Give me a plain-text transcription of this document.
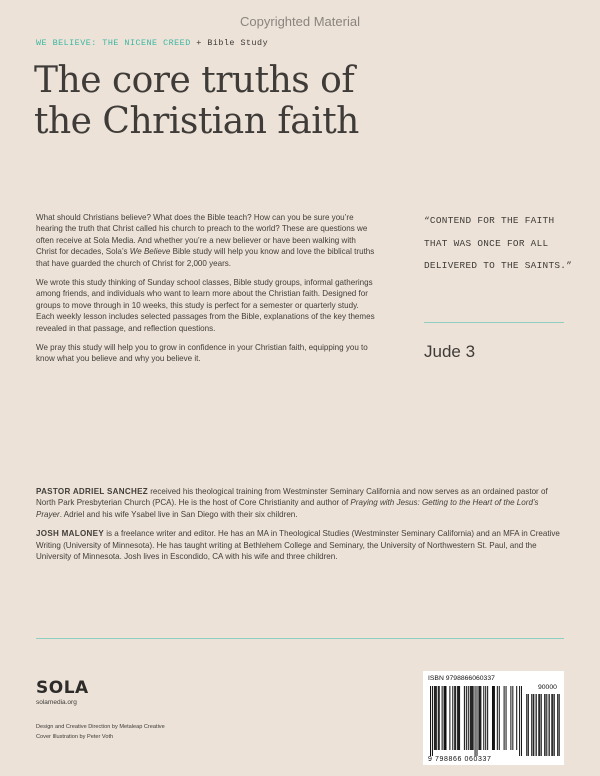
Copyrighted Material
WE BELIEVE: THE NICENE CREED + Bible Study
The core truths of the Christian faith

What should Christians believe? What does the Bible teach? How can you be sure you’re hearing the truth that Christ called his church to preach to the world? These are questions we often receive at Sola Media. And whether you’re a new believer or have been walking with Christ for decades, Sola’s We Believe Bible study will help you know and love the biblical truths that have guarded the church of Christ for 2,000 years.

We wrote this study thinking of Sunday school classes, Bible study groups, informal gatherings among friends, and individuals who want to learn more about the Christian faith. Designed for groups to move through in 10 weeks, this study is perfect for a semester or quarterly study. Each weekly lesson includes selected passages from the Bible, explanations of the key themes revealed in that passage, and reflection questions.

We pray this study will help you to grow in confidence in your Christian faith, equipping you to know what you believe and why you believe it.

“CONTEND FOR THE FAITH THAT WAS ONCE FOR ALL DELIVERED TO THE SAINTS.”
Jude 3

PASTOR ADRIEL SANCHEZ received his theological training from Westminster Seminary California and now serves as an ordained pastor of North Park Presbyterian Church (PCA). He is the host of Core Christianity and author of Praying with Jesus: Getting to the Heart of the Lord’s Prayer. Adriel and his wife Ysabel live in San Diego with their six children.

JOSH MALONEY is a freelance writer and editor. He has an MA in Theological Studies (Westminster Seminary California) and an MFA in Creative Writing (University of Minnesota). He has taught writing at Bethlehem College and Seminary, the University of Northwestern St. Paul, and the University of Minnesota. Josh lives in Escondido, CA with his wife and three children.

SOLA
solamedia.org
Design and Creative Direction by Metaleap Creative
Cover Illustration by Peter Voth
ISBN 9798866060337
90000
9 798866 060337
